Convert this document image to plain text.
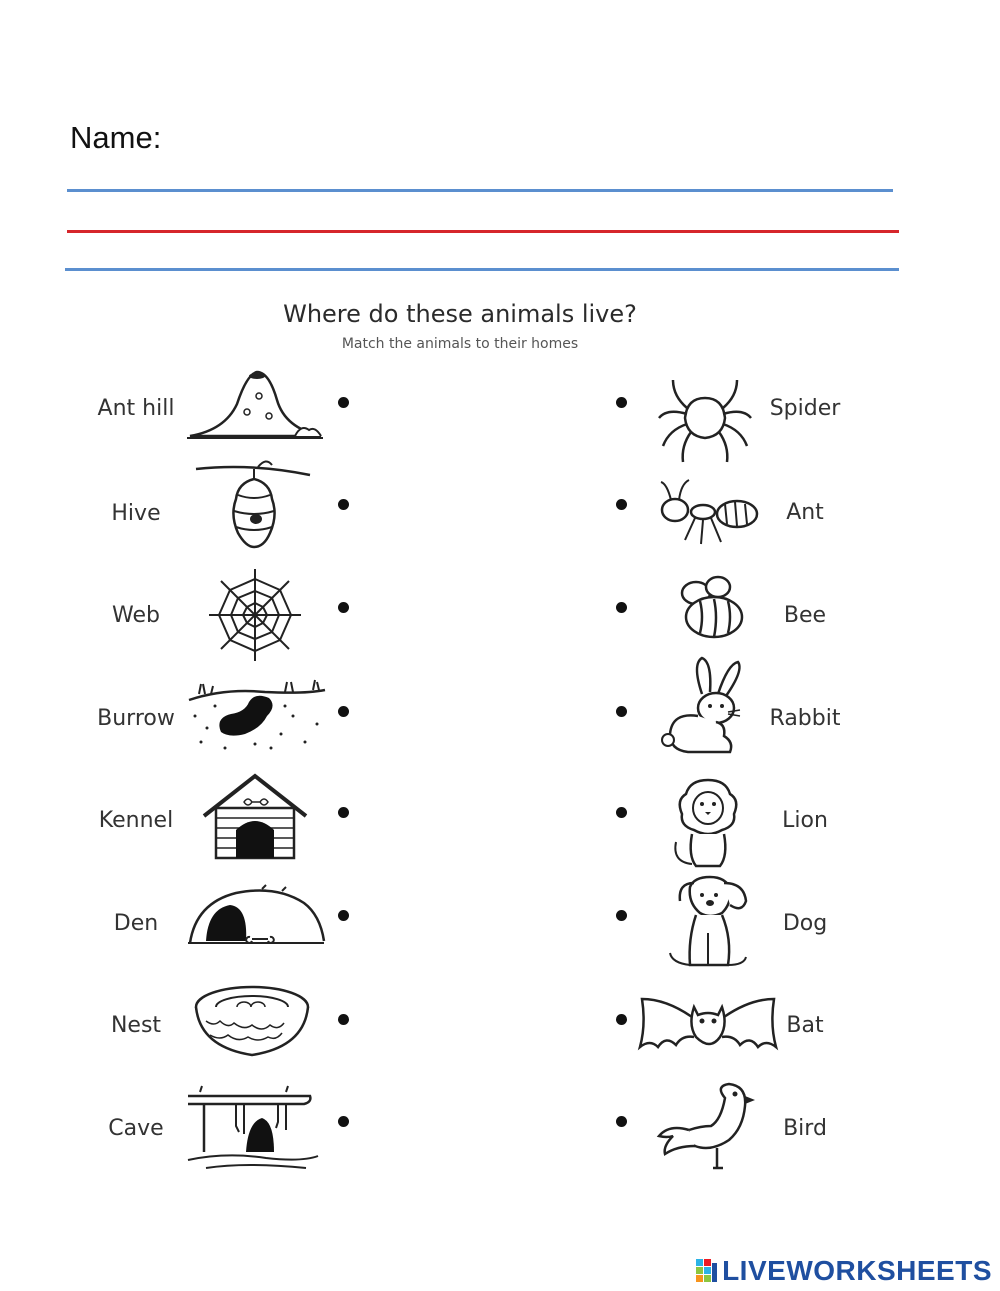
Name:
Where do these animals live?
Match the animals to their homes
Ant hill	Spider
Hive	Ant
Web	Bee
Burrow	Rabbit
Kennel	Lion
Den	Dog
Nest	Bat
Cave	Bird
LIVEWORKSHEETS
